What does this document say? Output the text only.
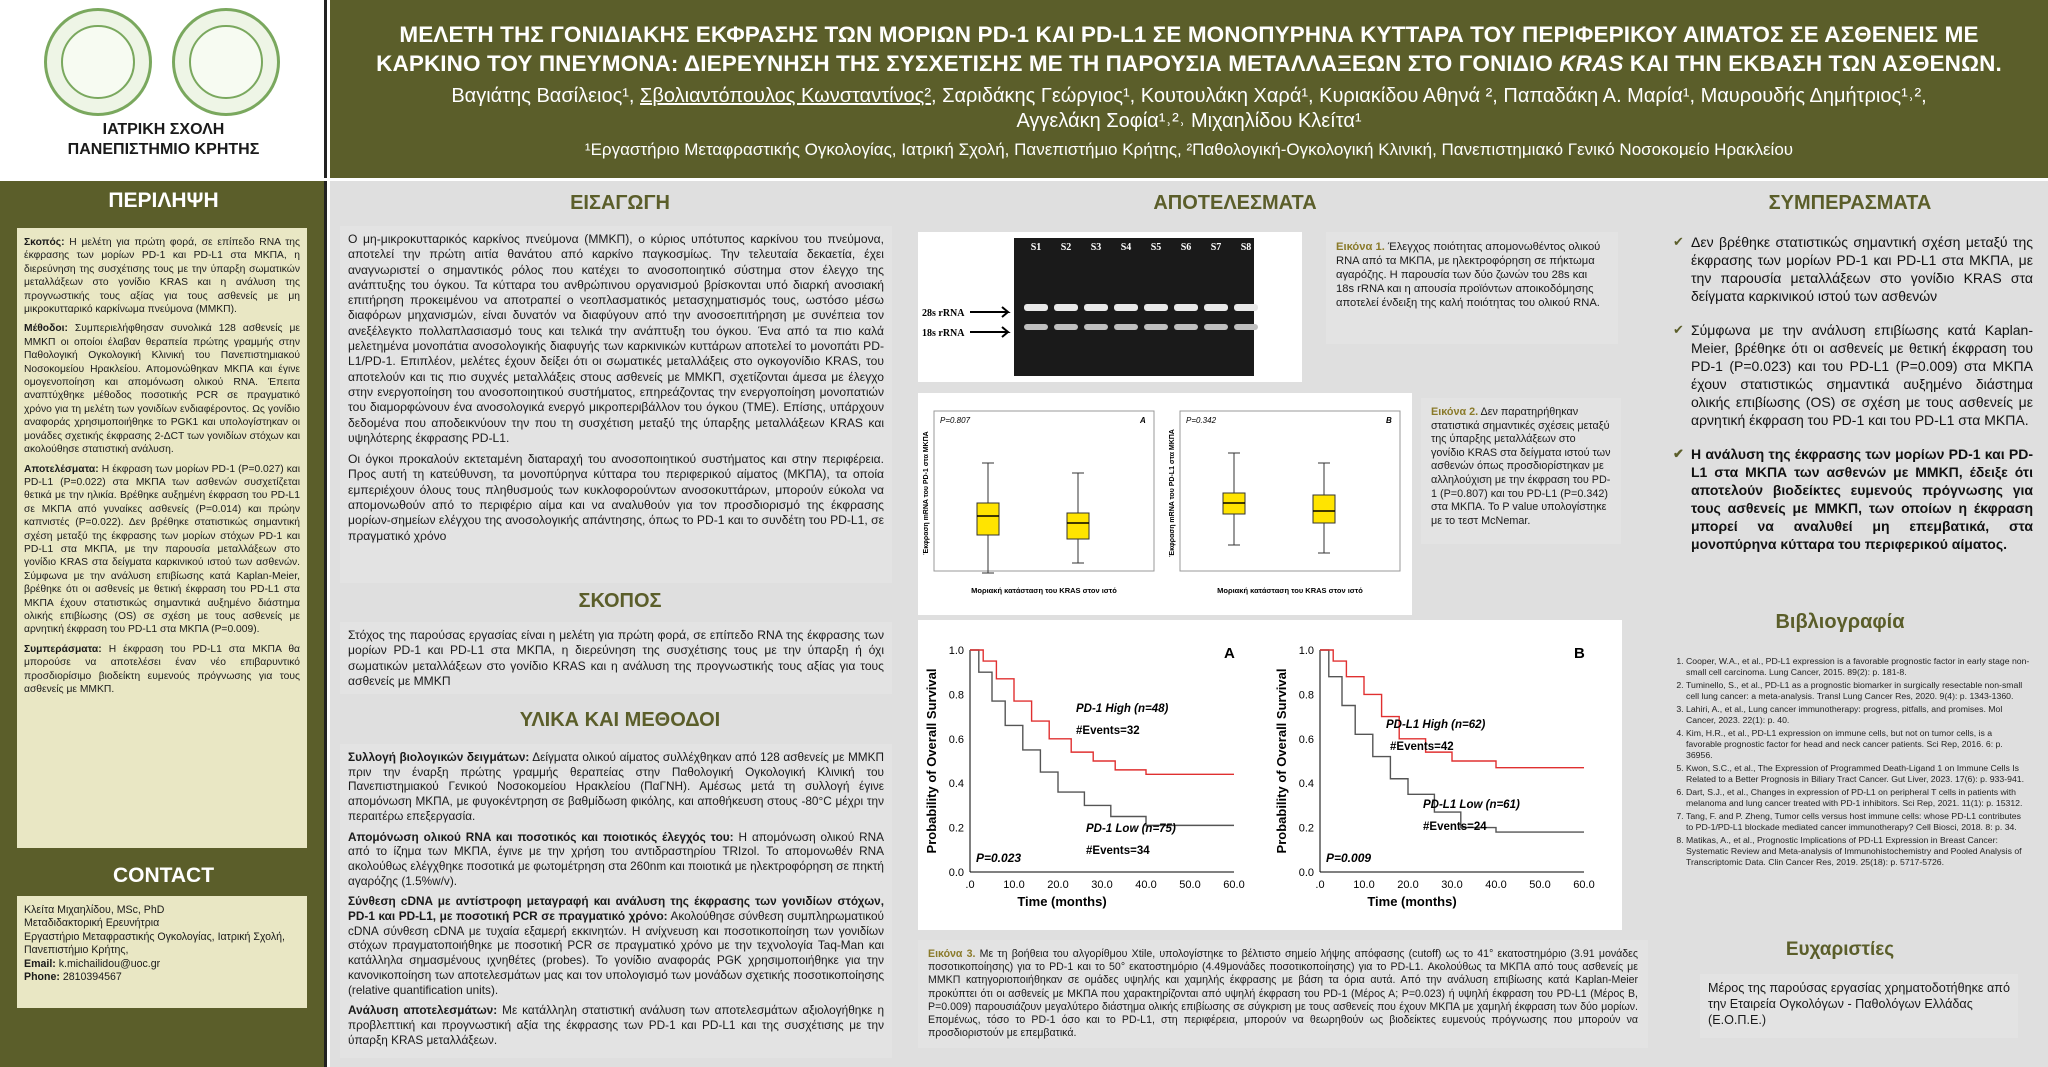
ΙΑΤΡΙΚΗ ΣΧΟΛΗ
ΠΑΝΕΠΙΣΤΗΜΙΟ ΚΡΗΤΗΣ
ΜΕΛΕΤΗ ΤΗΣ ΓΟΝΙΔΙΑΚΗΣ ΕΚΦΡΑΣΗΣ ΤΩΝ ΜΟΡΙΩΝ PD-1 ΚΑΙ PD-L1 ΣΕ ΜΟΝΟΠΥΡΗΝΑ ΚΥΤΤΑΡΑ ΤΟΥ ΠΕΡΙΦΕΡΙΚΟΥ ΑΙΜΑΤΟΣ ΣΕ ΑΣΘΕΝΕΙΣ ΜΕ ΚΑΡΚΙΝΟ ΤΟΥ ΠΝΕΥΜΟΝΑ: ΔΙΕΡΕΥΝΗΣΗ ΤΗΣ ΣΥΣΧΕΤΙΣΗΣ ΜΕ ΤΗ ΠΑΡΟΥΣΙΑ ΜΕΤΑΛΛΑΞΕΩΝ ΣΤΟ ΓΟΝΙΔΙΟ KRAS ΚΑΙ ΤΗΝ ΕΚΒΑΣΗ ΤΩΝ ΑΣΘΕΝΩΝ.
Βαγιάτης Βασίλειος¹, Σβολιαντόπουλος Κωνσταντίνος², Σαριδάκης Γεώργιος¹, Κουτουλάκη Χαρά¹, Κυριακίδου Αθηνά ², Παπαδάκη Α. Μαρία¹, Μαυρουδής Δημήτριος¹˒²,
Αγγελάκη Σοφία¹˒²˒ Μιχαηλίδου Κλεíτα¹
¹Εργαστήριο Μεταφραστικής Ογκολογίας, Ιατρική Σχολή, Πανεπιστήμιο Κρήτης, ²Παθολογική-Ογκολογική Κλινική, Πανεπιστημιακό Γενικό Νοσοκομείο Ηρακλείου
ΠΕΡΙΛΗΨΗ

Σκοπός: Η μελέτη για πρώτη φορά, σε επίπεδο RNA της έκφρασης των μορίων PD-1 και PD-L1 στα ΜΚΠΑ, η διερεύνηση της συσχέτισης τους με την ύπαρξη σωματικών μεταλλάξεων στο γονίδιο KRAS και η ανάλυση της προγνωστικής τους αξίας για τους ασθενείς με μη μικροκυτταρικό καρκίνωμα πνεύμονα (ΜΜΚΠ).

Μέθοδοι: Συμπεριελήφθησαν συνολικά 128 ασθενείς με ΜΜΚΠ οι οποίοι έλαβαν θεραπεία πρώτης γραμμής στην Παθολογική Ογκολογική Κλινική του Πανεπιστημιακού Νοσοκομείου Ηρακλείου. Απομονώθηκαν ΜΚΠΑ και έγινε ομογενοποίηση και απομόνωση ολικού RNA. Έπειτα αναπτύχθηκε μέθοδος ποσοτικής PCR σε πραγματικό χρόνο για τη μελέτη των γονιδίων ενδιαφέροντος. Ως γονίδιο αναφοράς χρησιμοποιήθηκε το PGK1 και υπολογίστηκαν οι μονάδες σχετικής έκφρασης 2-ΔCT των γονιδίων στόχων και ακολούθησε στατιστική ανάλυση.

Αποτελέσματα: Η έκφραση των μορίων PD-1 (P=0.027) και PD-L1 (P=0.022) στα ΜΚΠΑ των ασθενών συσχετίζεται θετικά με την ηλικία. Βρέθηκε αυξημένη έκφραση του PD-L1 σε ΜΚΠΑ από γυναίκες ασθενείς (P=0.014) και πρώην καπνιστές (P=0.022). Δεν βρέθηκε στατιστικώς σημαντική σχέση μεταξύ της έκφρασης των μορίων στόχων PD-1 και PD-L1 στα ΜΚΠΑ, με την παρουσία μεταλλάξεων στο γονίδιο KRAS στα δείγματα καρκινικού ιστού των ασθενών. Σύμφωνα με την ανάλυση επιβίωσης κατά Kaplan-Meier, βρέθηκε ότι οι ασθενείς με θετική έκφραση του PD-L1 στα ΜΚΠΑ έχουν στατιστικώς σημαντικά αυξημένο διάστημα ολικής επιβίωσης (OS) σε σχέση με τους ασθενείς με αρνητική έκφραση του PD-L1 στα ΜΚΠΑ (P=0.009).

Συμπεράσματα: Η έκφραση του PD-L1 στα ΜΚΠΑ θα μπορούσε να αποτελέσει έναν νέο επιβαρυντικό προσδιορίσιμο βιοδείκτη ευμενούς πρόγνωσης για τους ασθενείς με ΜΜΚΠ.

CONTACT
Κλεíτα Μιχαηλίδου, MSc, PhD
Μεταδιδακτορική Ερευνήτρια
Εργαστήριο Μεταφραστικής Ογκολογίας, Ιατρική Σχολή, Πανεπιστήμιο Κρήτης,
Email: k.michailidou@uoc.gr
Phone: 2810394567
ΕΙΣΑΓΩΓΗ

Ο μη-μικροκυτταρικός καρκίνος πνεύμονα (ΜΜΚΠ), ο κύριος υπότυπος καρκίνου του πνεύμονα, αποτελεί την πρώτη αιτία θανάτου από καρκίνο παγκοσμίως. Την τελευταία δεκαετία, έχει αναγνωριστεί ο σημαντικός ρόλος που κατέχει το ανοσοποιητικό σύστημα στον έλεγχο της ανάπτυξης του όγκου. Τα κύτταρα του ανθρώπινου οργανισμού βρίσκονται υπό διαρκή ανοσιακή επιτήρηση προκειμένου να αποτραπεί ο νεοπλασματικός μετασχηματισμός τους, ωστόσο μέσω διαφόρων μηχανισμών, είναι δυνατόν να διαφύγουν από την ανοσοεπιτήρηση με συνέπεια τον ανεξέλεγκτο πολλαπλασιασμό τους και τελικά την ανάπτυξη του όγκου. Ένα από τα πιο καλά μελετημένα μονοπάτια ανοσολογικής διαφυγής των καρκινικών κυττάρων αποτελεί το μονοπάτι PD-L1/PD-1. Επιπλέον, μελέτες έχουν δείξει ότι οι σωματικές μεταλλάξεις στο ογκογονίδιο KRAS, του αποτελούν και τις πιο συχνές μεταλλάξεις στους ασθενείς με ΜΜΚΠ, σχετίζονται άμεσα με έλεγχο στην ενεργοποίηση του ανοσοποιητικού συστήματος, επηρεάζοντας την ενεργοποίηση μονοπατιών του διαμορφώνουν ένα ανοσολογικά ενεργό μικροπεριβάλλον του όγκου (TME). Επίσης, υπάρχουν δεδομένα που αποδεικνύουν την που τη συσχέτιση μεταξύ της ύπαρξης μεταλλάξεων KRAS και υψηλότερης έκφρασης PD-L1.

Οι όγκοι προκαλούν εκτεταμένη διαταραχή του ανοσοποιητικού συστήματος και στην περιφέρεια. Προς αυτή τη κατεύθυνση, τα μονοπύρηνα κύτταρα του περιφερικού αίματος (ΜΚΠΑ), τα οποία εμπεριέχουν όλους τους πληθυσμούς των κυκλοφορούντων ανοσοκυττάρων, μπορούν εύκολα να απομονωθούν από το περιφέριο αίμα και να αναλυθούν για τον προσδιορισμό της έκφρασης μορίων-σημείων ελέγχου της ανοσολογικής απάντησης, όπως το PD-1 και το συνδέτη του PD-L1, σε πραγματικό χρόνο

ΣΚΟΠΟΣ
Στόχος της παρούσας εργασίας είναι η μελέτη για πρώτη φορά, σε επίπεδο RNA της έκφρασης των μορίων PD-1 και PD-L1 στα ΜΚΠΑ, η διερεύνηση της συσχέτισης τους με την ύπαρξη ή όχι σωματικών μεταλλάξεων στο γονίδιο KRAS και η ανάλυση της προγνωστικής τους αξίας για τους ασθενείς με ΜΜΚΠ
ΥΛΙΚΑ ΚΑΙ ΜΕΘΟΔΟΙ

Συλλογή βιολογικών δειγμάτων: Δείγματα ολικού αίματος συλλέχθηκαν από 128 ασθενείς με ΜΜΚΠ πριν την έναρξη πρώτης γραμμής θεραπείας στην Παθολογική Ογκολογική Κλινική του Πανεπιστημιακού Γενικού Νοσοκομείου Ηρακλείου (ΠαΓΝΗ). Αμέσως μετά τη συλλογή έγινε απομόνωση ΜΚΠΑ, με φυγοκέντρηση σε βαθμίδωση φικόλης, και αποθήκευση στους -80°C μέχρι την περαιτέρω επεξεργασία.

Απομόνωση ολικού RNA και ποσοτικός και ποιοτικός έλεγχός του: Η απομόνωση ολικού RNA από το ίζημα των ΜΚΠΑ, έγινε με την χρήση του αντιδραστηρίου TRIzol. Το απομονωθέν RNA ακολούθως ελέγχθηκε ποσοτικά με φωτομέτρηση στα 260nm και ποιοτικά με ηλεκτροφόρηση σε πηκτή αγαρόζης (1.5%w/v).

Σύνθεση cDNA με αντίστροφη μεταγραφή και ανάλυση της έκφρασης των γονιδίων στόχων, PD-1 και PD-L1, με ποσοτική PCR σε πραγματικό χρόνο: Ακολούθησε σύνθεση συμπληρωματικού cDNA σύνθεση cDNA με τυχαία εξαμερή εκκινητών. Η ανίχνευση και ποσοτικοποίηση των γονιδίων στόχων πραγματοποιήθηκε με ποσοτική PCR σε πραγματικό χρόνο με την τεχνολογία Taq-Man και κατάλληλα σημασμένους ιχνηθέτες (probes). Το γονίδιο αναφοράς PGK χρησιμοποιήθηκε για την κανονικοποίηση των αποτελεσμάτων μας και τον υπολογισμό των μονάδων σχετικής ποσοτικοποίησης (relative quantification units).

Ανάλυση αποτελεσμάτων: Με κατάλληλη στατιστική ανάλυση των αποτελεσμάτων αξιολογήθηκε η προβλεπτική και προγνωστική αξία της έκφρασης των PD-1 και PD-L1 και της συσχέτισης με την ύπαρξη KRAS μεταλλάξεων.

ΑΠΟΤΕΛΕΣΜΑΤΑ
S1 S2 S3 S4 S5 S6 S7 S8
28s rRNA
18s rRNA
Εικόνα 1. Έλεγχος ποιότητας απομονωθέντος ολικού RNA από τα ΜΚΠΑ, με ηλεκτροφόρηση σε πήκτωμα αγαρόζης. Η παρουσία των δύο ζωνών του 28s και 18s rRNA και η απουσία προϊόντων αποικοδόμησης αποτελεί ένδειξη της καλή ποιότητας του ολικού RNA.
P=0.807	A
Έκφραση mRNA του PD-1 στα ΜΚΠΑ
Μοριακή κατάσταση του KRAS στον ιστό
P=0.342	B
Έκφραση mRNA του PD-L1 στα ΜΚΠΑ
Μοριακή κατάσταση του KRAS στον ιστό
Εικόνα 2. Δεν παρατηρήθηκαν στατιστικά σημαντικές σχέσεις μεταξύ της ύπαρξης μεταλλάξεων στο γονίδιο KRAS στα δείγματα ιστού των ασθενών όπως προσδιορίστηκαν με αλληλούχιση με την έκφραση του PD-1 (P=0.807) και του PD-L1 (P=0.342) στα ΜΚΠΑ. Το P value υπολογίστηκε με το τεστ McNemar.
1.0
0.8
0.6
0.4
0.2
0.0
.0	10.0 20.0 30.0 40.0 50.0 60.0
Probability of Overall Survival
Time (months)
A
P=0.023
PD-1 High (n=48)
#Events=32
PD-1 Low (n=75)
#Events=34
1.0
0.8
0.6
0.4
0.2
0.0
.0	10.0 20.0 30.0 40.0 50.0 60.0
Probability of Overall Survival
Time (months)
B
P=0.009
PD-L1 High (n=62)
#Events=42
PD-L1 Low (n=61)
#Events=24
Εικόνα 3. Με τη βοήθεια του αλγορίθμου Xtile, υπολογίστηκε το βέλτιστο σημείο λήψης απόφασης (cutoff) ως το 41° εκατοστημόριο (3.91 μονάδες ποσοτικοποίησης) για το PD-1 και το 50° εκατοστημόριο (4.49μονάδες ποσοτικοποίησης) για το PD-L1. Ακολούθως τα ΜΚΠΑ από τους ασθενείς με ΜΜΚΠ κατηγοριοποιήθηκαν σε ομάδες υψηλής και χαμηλής έκφρασης με βάση τα όρια αυτά. Από την ανάλυση επιβίωσης κατά Kaplan-Meier προκύπτει ότι οι ασθενείς με ΜΚΠΑ που χαρακτηρίζονται από υψηλή έκφραση του PD-1 (Μέρος Α; P=0.023) ή υψηλή έκφραση του PD-L1 (Μέρος Β, P=0.009) παρουσιάζουν μεγαλύτερο διάστημα ολικής επιβίωσης σε σύγκριση με τους ασθενείς που έχουν ΜΚΠΑ με χαμηλή έκφραση των δύο μορίων. Επομένως, τόσο το PD-1 όσο και το PD-L1, στη περιφέρεια, μπορούν να θεωρηθούν ως βιοδείκτες ευμενούς πρόγνωσης που μπορούν να προσδιοριστούν με επεμβατικά.
ΣΥΜΠΕΡΑΣΜΑΤΑ
✔ Δεν βρέθηκε στατιστικώς σημαντική σχέση μεταξύ της έκφρασης των μορίων PD-1 και PD-L1 στα ΜΚΠΑ, με την παρουσία μεταλλάξεων στο γονίδιο KRAS στα δείγματα καρκινικού ιστού των ασθενών
✔ Σύμφωνα με την ανάλυση επιβίωσης κατά Kaplan-Meier, βρέθηκε ότι οι ασθενείς με θετική έκφραση του PD-1 (P=0.023) και του PD-L1 (P=0.009) στα ΜΚΠΑ έχουν στατιστικώς σημαντικά αυξημένο διάστημα ολικής επιβίωσης (OS) σε σχέση με τους ασθενείς με αρνητική έκφραση του PD-1 και του PD-L1 στα ΜΚΠΑ.
✔ Η ανάλυση της έκφρασης των μορίων PD-1 και PD-L1 στα ΜΚΠΑ των ασθενών με ΜΜΚΠ, έδειξε ότι αποτελούν βιοδείκτες ευμενούς πρόγνωσης για τους ασθενείς με ΜΜΚΠ, των οποίων η έκφραση μπορεί να αναλυθεί μη επεμβατικά, στα μονοπύρηνα κύτταρα του περιφερικού αίματος.
Βιβλιογραφία
1. Cooper, W.A., et al., PD-L1 expression is a favorable prognostic factor in early stage non-small cell carcinoma. Lung Cancer, 2015. 89(2): p. 181-8.
2. Tuminello, S., et al., PD-L1 as a prognostic biomarker in surgically resectable non-small cell lung cancer: a meta-analysis. Transl Lung Cancer Res, 2020. 9(4): p. 1343-1360.
3. Lahiri, A., et al., Lung cancer immunotherapy: progress, pitfalls, and promises. Mol Cancer, 2023. 22(1): p. 40.
4. Kim, H.R., et al., PD-L1 expression on immune cells, but not on tumor cells, is a favorable prognostic factor for head and neck cancer patients. Sci Rep, 2016. 6: p. 36956.
5. Kwon, S.C., et al., The Expression of Programmed Death-Ligand 1 on Immune Cells Is Related to a Better Prognosis in Biliary Tract Cancer. Gut Liver, 2023. 17(6): p. 933-941.
6. Dart, S.J., et al., Changes in expression of PD-L1 on peripheral T cells in patients with melanoma and lung cancer treated with PD-1 inhibitors. Sci Rep, 2021. 11(1): p. 15312.
7. Tang, F. and P. Zheng, Tumor cells versus host immune cells: whose PD-L1 contributes to PD-1/PD-L1 blockade mediated cancer immunotherapy? Cell Biosci, 2018. 8: p. 34.
8. Matikas, A., et al., Prognostic Implications of PD-L1 Expression in Breast Cancer: Systematic Review and Meta-analysis of Immunohistochemistry and Pooled Analysis of Transcriptomic Data. Clin Cancer Res, 2019. 25(18): p. 5717-5726.
Ευχαριστίες
Μέρος της παρούσας εργασίας χρηματοδοτήθηκε από την Εταιρεία Ογκολόγων - Παθολόγων Ελλάδας (Ε.Ο.Π.Ε.)
